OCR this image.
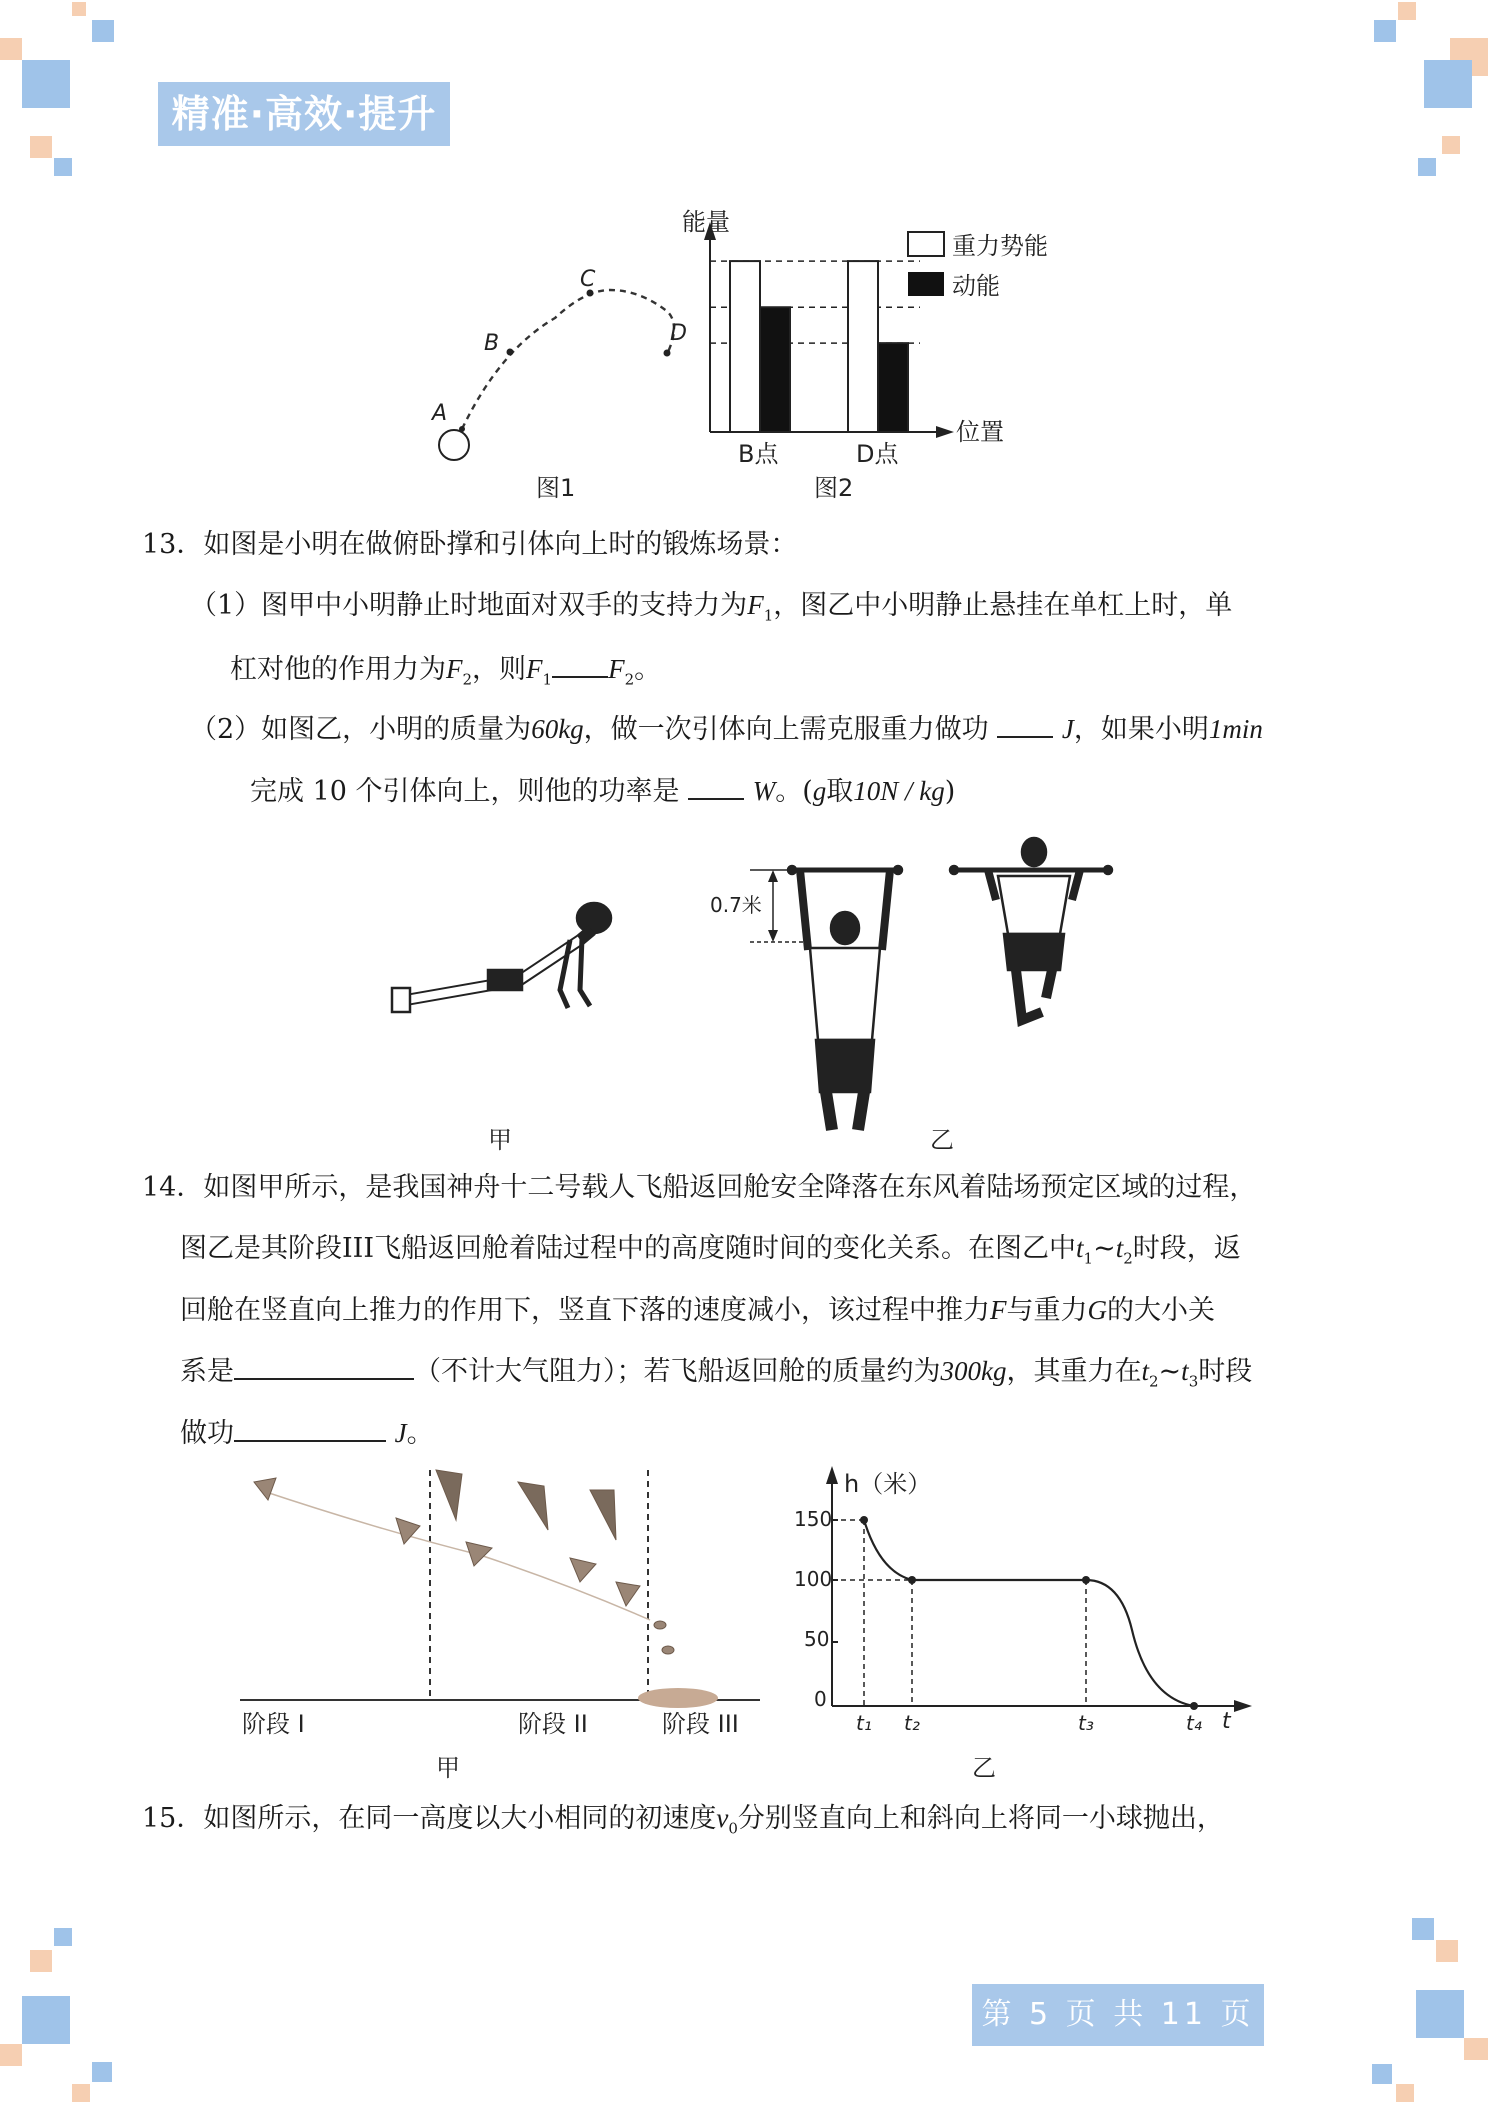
精准·高效·提升
A
B
C
D
图1
能量
位置
B点	D点
图2
重力势能
动能
13．如图是小明在做俯卧撑和引体向上时的锻炼场景：
（1）图甲中小明静止时地面对双手的支持力为$F_1$，图乙中小明静止悬挂在单杠上时，单
杠对他的作用力为$F_2$，则$F_1$ $F_2$。
（2）如图乙，小明的质量为60kg，做一次引体向上需克服重力做功	J，如果小明1min
完成 10 个引体向上，则他的功率是	W。(g取10N / kg)
甲
0.7米
乙
14．如图甲所示，是我国神舟十二号载人飞船返回舱安全降落在东风着陆场预定区域的过程，
图乙是其阶段III飞船返回舱着陆过程中的高度随时间的变化关系。在图乙中$t_1\sim t_2$时段，返
回舱在竖直向上推力的作用下，竖直下落的速度减小，该过程中推力F与重力G的大小关
系是	（不计大气阻力）；若飞船返回舱的质量约为300kg，其重力在$t_2\sim t_3$时段
做功	J。
阶段 I	阶段 II	阶段 III
甲
h（米）
t
150
100
50
0
t₁ t₂	t₃	t₄
乙
15．如图所示，在同一高度以大小相同的初速度$v_0$分别竖直向上和斜向上将同一小球抛出，
第 5 页 共 11 页
